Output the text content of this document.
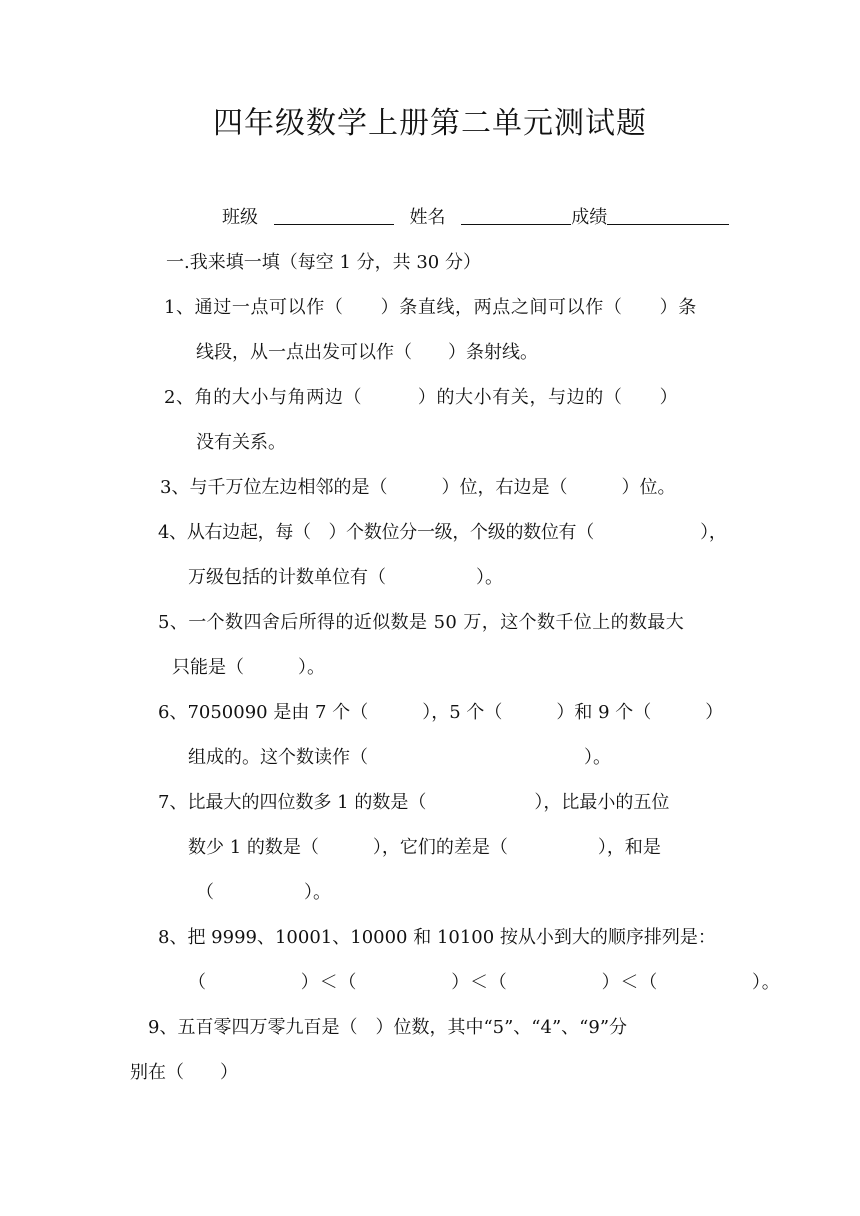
四年级数学上册第二单元测试题
班级	姓名	成绩
一.我来填一填（每空 1 分，共 30 分）
1、通过一点可以作（　　）条直线，两点之间可以作（　　）条
线段，从一点出发可以作（　　）条射线。
2、角的大小与角两边（　　　）的大小有关，与边的（　　）
没有关系。
3、与千万位左边相邻的是（　　　）位，右边是（　　　）位。
4、从右边起，每（　）个数位分一级，个级的数位有（　　　　　　），
万级包括的计数单位有（　　　　　）。
5、一个数四舍后所得的近似数是 50 万，这个数千位上的数最大
只能是（　　　）。
6、7050090 是由 7 个（　　　），5 个（　　　）和 9 个（　　　）
组成的。这个数读作（　　　　　　　　　　　　）。
7、比最大的四位数多 1 的数是（　　　　　　），比最小的五位
数少 1 的数是（　　　），它们的差是（　　　　　），和是
（　　　　　）。
8、把 9999、10001、10000 和 10100 按从小到大的顺序排列是：
（　　　　　）＜（　　　　　）＜（　　　　　）＜（　　　　　）。
9、五百零四万零九百是（　）位数，其中“5”、“4”、“9”分
别在（　　）
